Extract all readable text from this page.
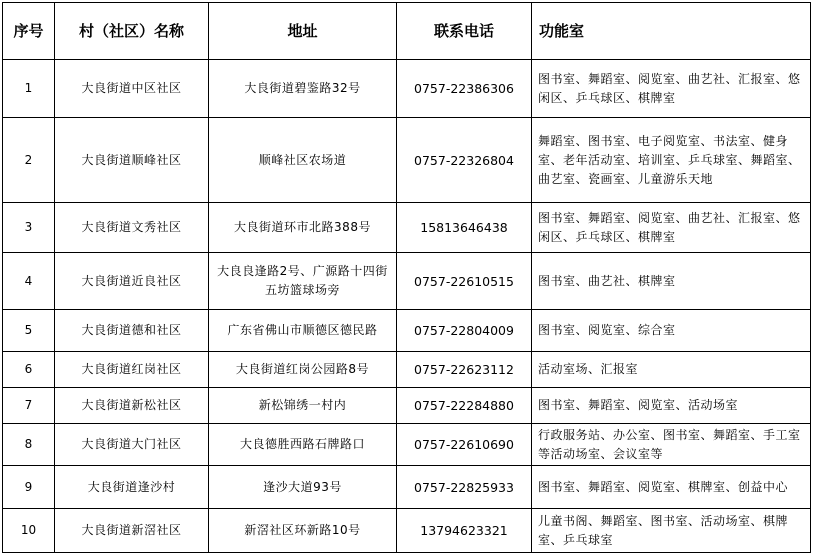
序号	村（社区）名称	地址	联系电话	功能室
1	大良街道中区社区	大良街道碧鉴路32号	0757-22386306	图书室、舞蹈室、阅览室、曲艺社、汇报室、悠闲区、乒乓球区、棋牌室
2	大良街道顺峰社区	顺峰社区农场道	0757-22326804	舞蹈室、图书室、电子阅览室、书法室、健身室、老年活动室、培训室、乒乓球室、舞蹈室、曲艺室、瓷画室、儿童游乐天地
3	大良街道文秀社区	大良街道环市北路388号	15813646438	图书室、舞蹈室、阅览室、曲艺社、汇报室、悠闲区、乒乓球区、棋牌室
4	大良街道近良社区	大良良逢路2号、广源路十四街五坊篮球场旁	0757-22610515	图书室、曲艺社、棋牌室
5	大良街道德和社区	广东省佛山市顺德区德民路	0757-22804009	图书室、阅览室、综合室
6	大良街道红岗社区	大良街道红岗公园路8号	0757-22623112	活动室场、汇报室
7	大良街道新松社区	新松锦绣一村内	0757-22284880	图书室、舞蹈室、阅览室、活动场室
8	大良街道大门社区	大良德胜西路石牌路口	0757-22610690	行政服务站、办公室、图书室、舞蹈室、手工室等活动场室、会议室等
9	大良街道逢沙村	逢沙大道93号	0757-22825933	图书室、舞蹈室、阅览室、棋牌室、创益中心
10	大良街道新滘社区	新滘社区环新路10号	13794623321	儿童书阁、舞蹈室、图书室、活动场室、棋牌室、乒乓球室
